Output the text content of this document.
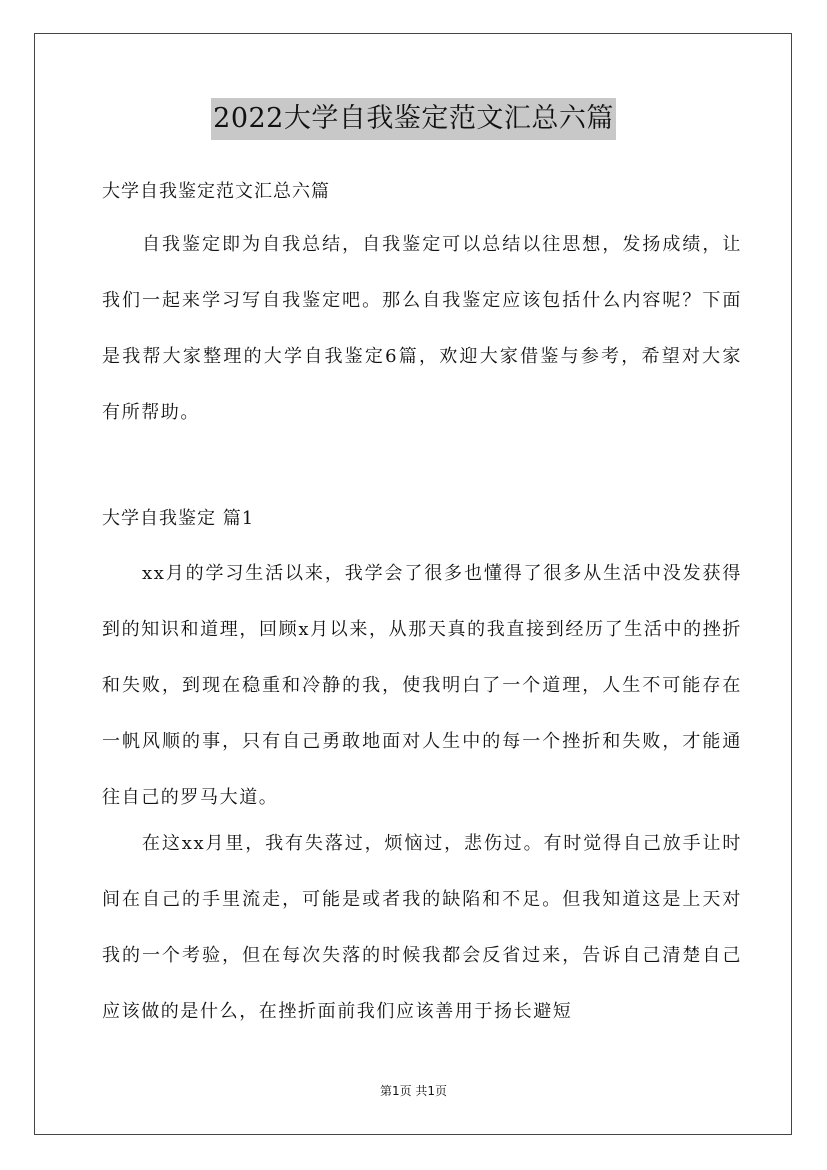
2022大学自我鉴定范文汇总六篇
大学自我鉴定范文汇总六篇

自我鉴定即为自我总结，自我鉴定可以总结以往思想，发扬成绩，让我们一起来学习写自我鉴定吧。那么自我鉴定应该包括什么内容呢？下面是我帮大家整理的大学自我鉴定6篇，欢迎大家借鉴与参考，希望对大家有所帮助。

大学自我鉴定 篇1

xx月的学习生活以来，我学会了很多也懂得了很多从生活中没发获得到的知识和道理，回顾x月以来，从那天真的我直接到经历了生活中的挫折和失败，到现在稳重和冷静的我，使我明白了一个道理，人生不可能存在一帆风顺的事，只有自己勇敢地面对人生中的每一个挫折和失败，才能通往自己的罗马大道。

在这xx月里，我有失落过，烦恼过，悲伤过。有时觉得自己放手让时间在自己的手里流走，可能是或者我的缺陷和不足。但我知道这是上天对我的一个考验，但在每次失落的时候我都会反省过来，告诉自己清楚自己应该做的是什么，在挫折面前我们应该善用于扬长避短

第1页 共1页
